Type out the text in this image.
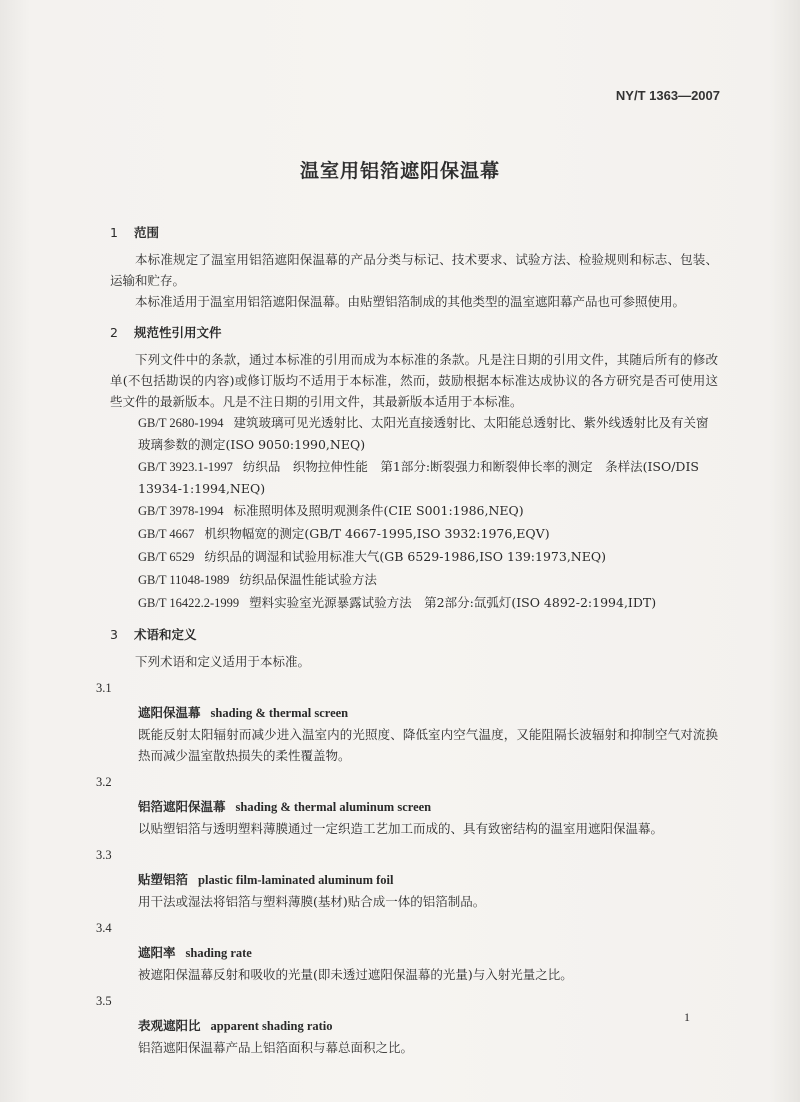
NY/T 1363—2007
温室用铝箔遮阳保温幕
1 范围

本标准规定了温室用铝箔遮阳保温幕的产品分类与标记、技术要求、试验方法、检验规则和标志、包装、运输和贮存。

本标准适用于温室用铝箔遮阳保温幕。由贴塑铝箔制成的其他类型的温室遮阳幕产品也可参照使用。

2 规范性引用文件

下列文件中的条款，通过本标准的引用而成为本标准的条款。凡是注日期的引用文件，其随后所有的修改单(不包括勘误的内容)或修订版均不适用于本标准，然而，鼓励根据本标准达成协议的各方研究是否可使用这些文件的最新版本。凡是不注日期的引用文件，其最新版本适用于本标准。

GB/T 2680-1994 建筑玻璃可见光透射比、太阳光直接透射比、太阳能总透射比、紫外线透射比及有关窗玻璃参数的测定(ISO 9050:1990,NEQ)
GB/T 3923.1-1997 纺织品　织物拉伸性能　第1部分:断裂强力和断裂伸长率的测定　条样法(ISO/DIS 13934-1:1994,NEQ)
GB/T 3978-1994 标准照明体及照明观测条件(CIE S001:1986,NEQ)
GB/T 4667 机织物幅宽的测定(GB/T 4667-1995,ISO 3932:1976,EQV)
GB/T 6529 纺织品的调湿和试验用标准大气(GB 6529-1986,ISO 139:1973,NEQ)
GB/T 11048-1989 纺织品保温性能试验方法
GB/T 16422.2-1999 塑料实验室光源暴露试验方法　第2部分:氙弧灯(ISO 4892-2:1994,IDT)
3 术语和定义

下列术语和定义适用于本标准。

3.1
遮阳保温幕 shading & thermal screen
既能反射太阳辐射而减少进入温室内的光照度、降低室内空气温度，又能阻隔长波辐射和抑制空气对流换热而减少温室散热损失的柔性覆盖物。
3.2
铝箔遮阳保温幕 shading & thermal aluminum screen
以贴塑铝箔与透明塑料薄膜通过一定织造工艺加工而成的、具有致密结构的温室用遮阳保温幕。
3.3
贴塑铝箔 plastic film-laminated aluminum foil
用干法或湿法将铝箔与塑料薄膜(基材)贴合成一体的铝箔制品。
3.4
遮阳率 shading rate
被遮阳保温幕反射和吸收的光量(即未透过遮阳保温幕的光量)与入射光量之比。
3.5
表观遮阳比 apparent shading ratio
铝箔遮阳保温幕产品上铝箔面积与幕总面积之比。
1
